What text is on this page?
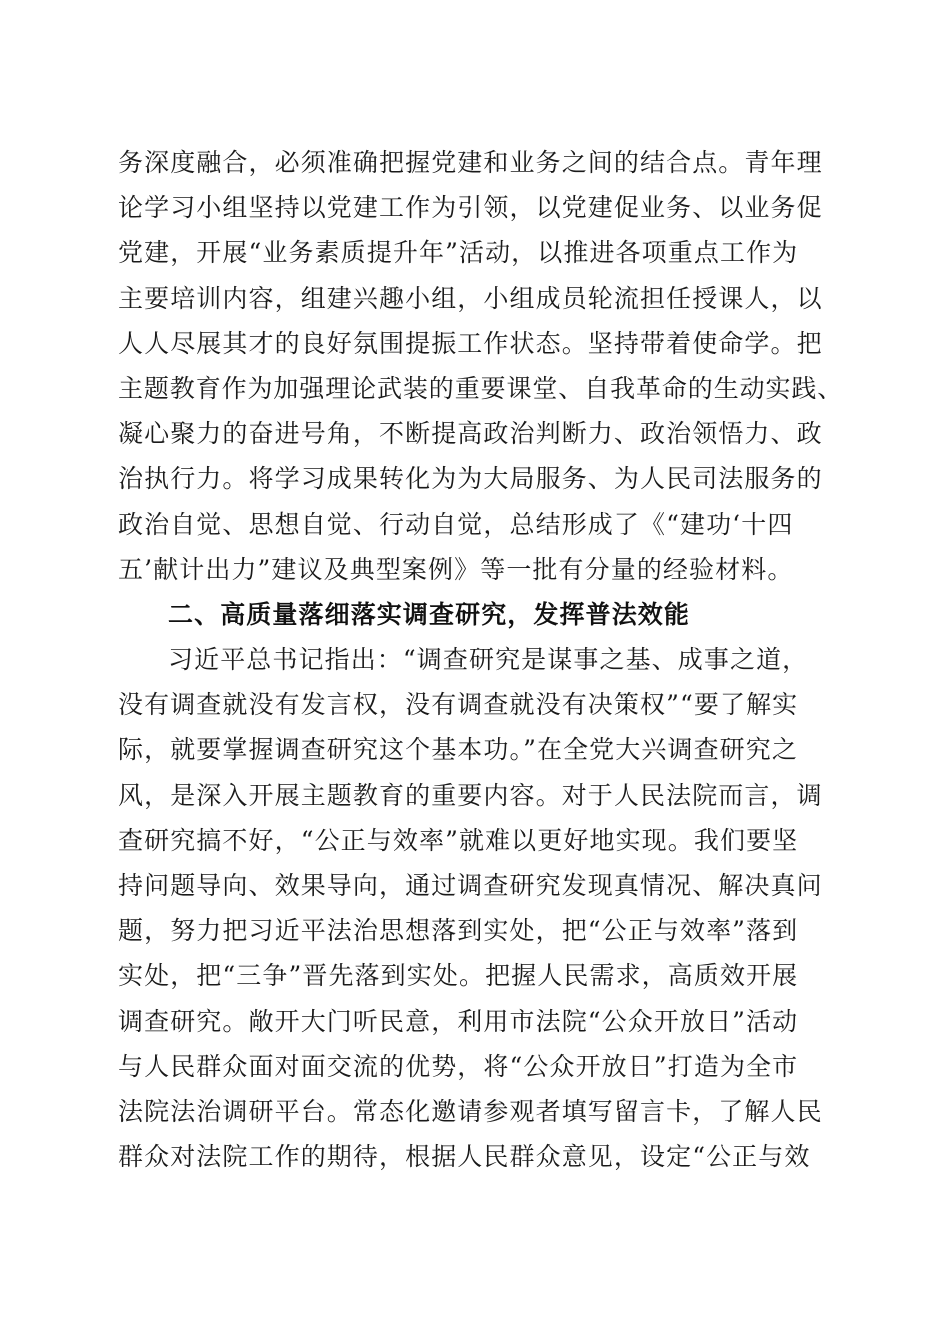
务深度融合，必须准确把握党建和业务之间的结合点。青年理
论学习小组坚持以党建工作为引领，以党建促业务、以业务促
党建，开展“业务素质提升年”活动，以推进各项重点工作为
主要培训内容，组建兴趣小组，小组成员轮流担任授课人，以
人人尽展其才的良好氛围提振工作状态。坚持带着使命学。把
主题教育作为加强理论武装的重要课堂、自我革命的生动实践、
凝心聚力的奋进号角，不断提高政治判断力、政治领悟力、政
治执行力。将学习成果转化为为大局服务、为人民司法服务的
政治自觉、思想自觉、行动自觉，总结形成了《“建功‘十四
五’献计出力”建议及典型案例》等一批有分量的经验材料。
二、高质量落细落实调查研究，发挥普法效能
习近平总书记指出：“调查研究是谋事之基、成事之道，
没有调查就没有发言权，没有调查就没有决策权”“要了解实
际，就要掌握调查研究这个基本功。”在全党大兴调查研究之
风，是深入开展主题教育的重要内容。对于人民法院而言，调
查研究搞不好，“公正与效率”就难以更好地实现。我们要坚
持问题导向、效果导向，通过调查研究发现真情况、解决真问
题，努力把习近平法治思想落到实处，把“公正与效率”落到
实处，把“三争”晋先落到实处。把握人民需求，高质效开展
调查研究。敞开大门听民意，利用市法院“公众开放日”活动
与人民群众面对面交流的优势，将“公众开放日”打造为全市
法院法治调研平台。常态化邀请参观者填写留言卡，了解人民
群众对法院工作的期待，根据人民群众意见，设定“公正与效
